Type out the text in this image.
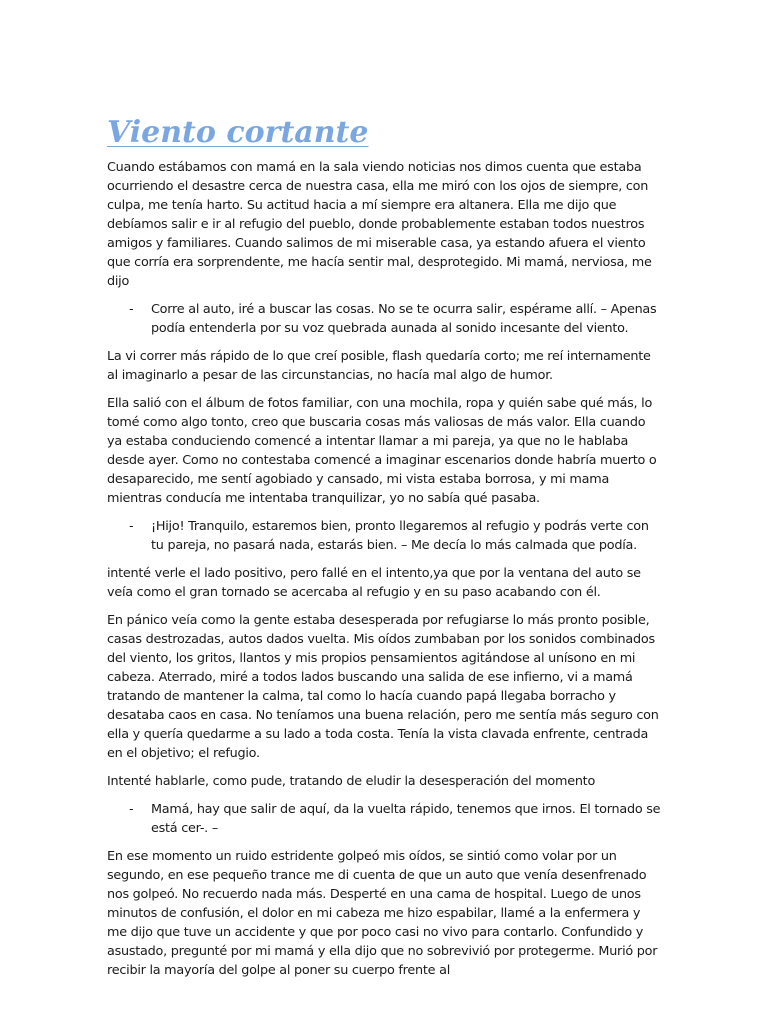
Viento cortante

Cuando estábamos con mamá en la sala viendo noticias nos dimos cuenta que estaba ocurriendo el desastre cerca de nuestra casa, ella me miró con los ojos de siempre, con culpa, me tenía harto. Su actitud hacia a mí siempre era altanera. Ella me dijo que debíamos salir e ir al refugio del pueblo, donde probablemente estaban todos nuestros amigos y familiares. Cuando salimos de mi miserable casa, ya estando afuera el viento que corría era sorprendente, me hacía sentir mal, desprotegido. Mi mamá, nerviosa, me dijo

- Corre al auto, iré a buscar las cosas. No se te ocurra salir, espérame allí. – Apenas podía entenderla por su voz quebrada aunada al sonido incesante del viento.

La vi correr más rápido de lo que creí posible, flash quedaría corto; me reí internamente al imaginarlo a pesar de las circunstancias, no hacía mal algo de humor.

Ella salió con el álbum de fotos familiar, con una mochila, ropa y quién sabe qué más, lo tomé como algo tonto, creo que buscaria cosas más valiosas de más valor. Ella cuando ya estaba conduciendo comencé a intentar llamar a mi pareja, ya que no le hablaba desde ayer. Como no contestaba comencé a imaginar escenarios donde habría muerto o desaparecido, me sentí agobiado y cansado, mi vista estaba borrosa, y mi mama mientras conducía me intentaba tranquilizar, yo no sabía qué pasaba.

- ¡Hijo! Tranquilo, estaremos bien, pronto llegaremos al refugio y podrás verte con tu pareja, no pasará nada, estarás bien. – Me decía lo más calmada que podía.

intenté verle el lado positivo, pero fallé en el intento,ya que por la ventana del auto se veía como el gran tornado se acercaba al refugio y en su paso acabando con él.

En pánico veía como la gente estaba desesperada por refugiarse lo más pronto posible, casas destrozadas, autos dados vuelta. Mis oídos zumbaban por los sonidos combinados del viento, los gritos, llantos y mis propios pensamientos agitándose al unísono en mi cabeza. Aterrado, miré a todos lados buscando una salida de ese infierno, vi a mamá tratando de mantener la calma, tal como lo hacía cuando papá llegaba borracho y desataba caos en casa. No teníamos una buena relación, pero me sentía más seguro con ella y quería quedarme a su lado a toda costa. Tenía la vista clavada enfrente, centrada en el objetivo; el refugio.

Intenté hablarle, como pude, tratando de eludir la desesperación del momento

- Mamá, hay que salir de aquí, da la vuelta rápido, tenemos que irnos. El tornado se está cer-. –

En ese momento un ruido estridente golpeó mis oídos, se sintió como volar por un segundo, en ese pequeño trance me di cuenta de que un auto que venía desenfrenado nos golpeó. No recuerdo nada más. Desperté en una cama de hospital. Luego de unos minutos de confusión, el dolor en mi cabeza me hizo espabilar, llamé a la enfermera y me dijo que tuve un accidente y que por poco casi no vivo para contarlo. Confundido y asustado, pregunté por mi mamá y ella dijo que no sobrevivió por protegerme. Murió por recibir la mayoría del golpe al poner su cuerpo frente al
